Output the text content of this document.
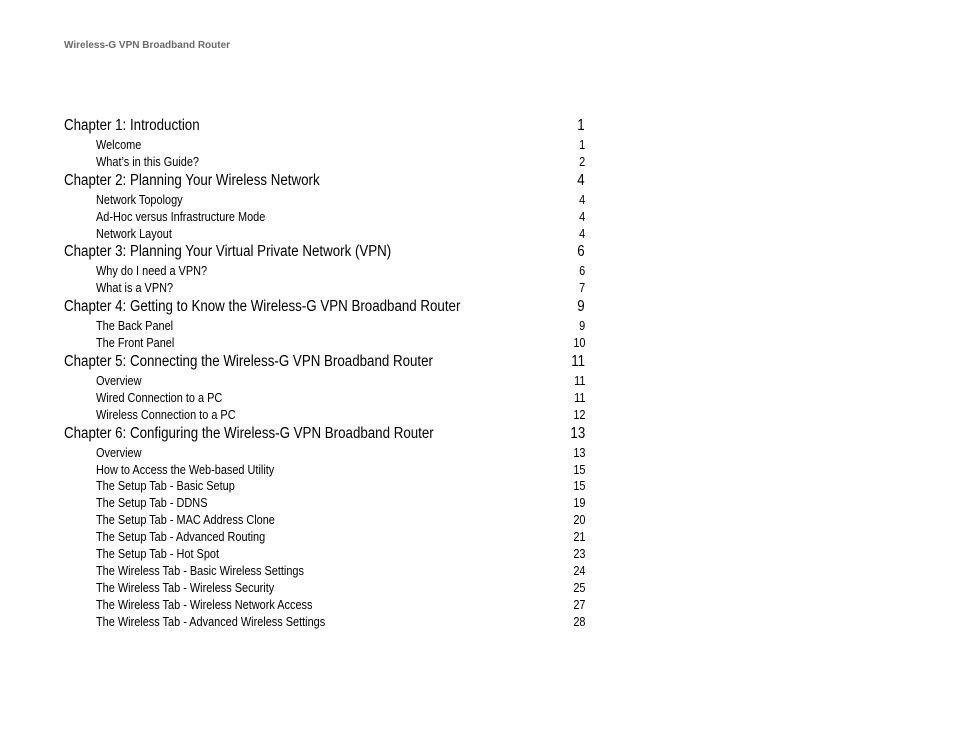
Wireless-G VPN Broadband Router
Chapter 1: Introduction	1
Welcome	1
What’s in this Guide?	2
Chapter 2: Planning Your Wireless Network	4
Network Topology	4
Ad-Hoc versus Infrastructure Mode	4
Network Layout	4
Chapter 3: Planning Your Virtual Private Network (VPN)	6
Why do I need a VPN?	6
What is a VPN?	7
Chapter 4: Getting to Know the Wireless-G VPN Broadband Router	9
The Back Panel	9
The Front Panel	10
Chapter 5: Connecting the Wireless-G VPN Broadband Router	11
Overview	11
Wired Connection to a PC	11
Wireless Connection to a PC	12
Chapter 6: Configuring the Wireless-G VPN Broadband Router	13
Overview	13
How to Access the Web-based Utility	15
The Setup Tab - Basic Setup	15
The Setup Tab - DDNS	19
The Setup Tab - MAC Address Clone	20
The Setup Tab - Advanced Routing	21
The Setup Tab - Hot Spot	23
The Wireless Tab - Basic Wireless Settings	24
The Wireless Tab - Wireless Security	25
The Wireless Tab - Wireless Network Access	27
The Wireless Tab - Advanced Wireless Settings	28
